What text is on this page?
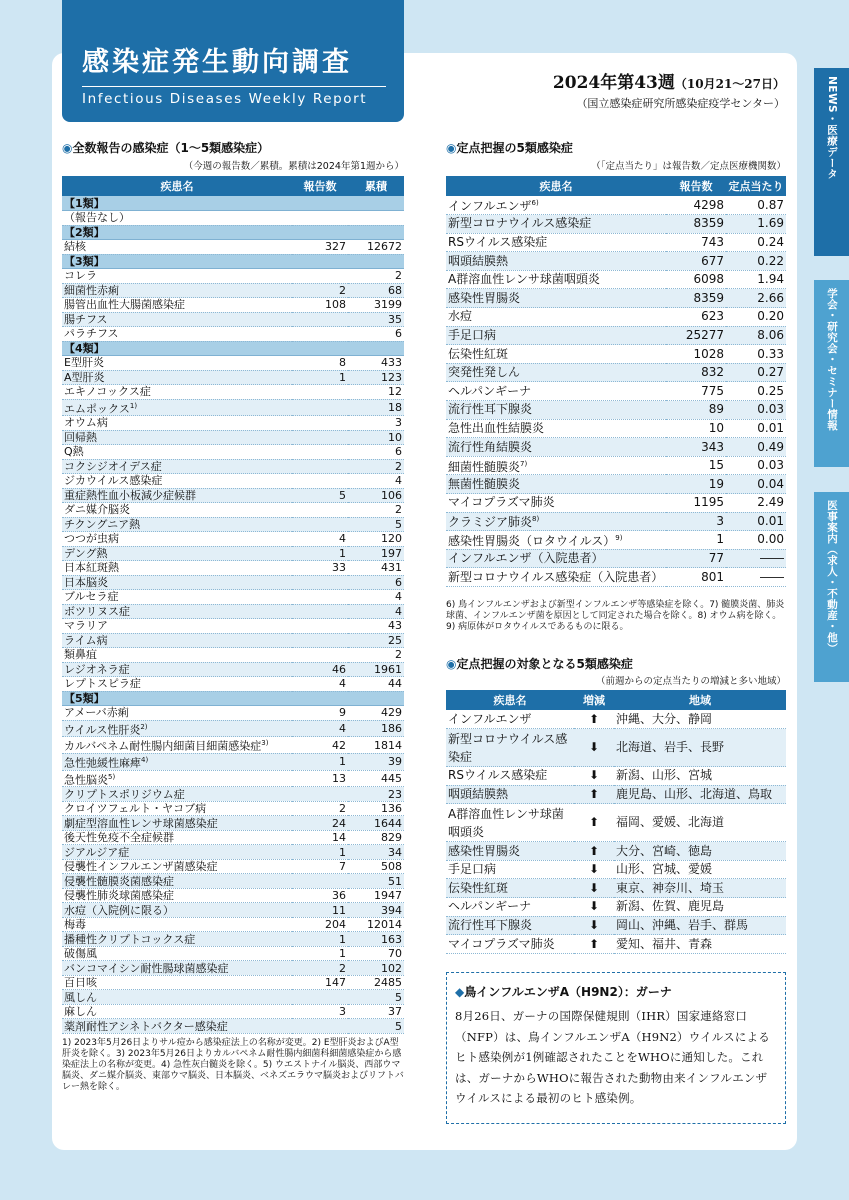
感染症発生動向調査
Infectious Diseases Weekly Report
2024年第43週（10月21～27日）
（国立感染症研究所感染症疫学センター）	NEWS・医療データ
学会・研究会・セミナー情報
医事案内（求人・不動産・他）
◉全数報告の感染症（1～5類感染症）
（今週の報告数／累積。累積は2024年第1週から）
疾患名	報告数	累積
【1類】		
（報告なし）		
【2類】		
結核	327	12672
【3類】		
コレラ		2
細菌性赤痢	2	68
腸管出血性大腸菌感染症	108	3199
腸チフス		35
パラチフス		6
【4類】		
E型肝炎	8	433
A型肝炎	1	123
エキノコックス症		12
エムポックス$^{1)}$		18
オウム病		3
回帰熱		10
Q熱		6
コクシジオイデス症		2
ジカウイルス感染症		4
重症熱性血小板減少症候群	5	106
ダニ媒介脳炎		2
チクングニア熱		5
つつが虫病	4	120
デング熱	1	197
日本紅斑熱	33	431
日本脳炎		6
ブルセラ症		4
ボツリヌス症		4
マラリア		43
ライム病		25
類鼻疽		2
レジオネラ症	46	1961
レプトスピラ症	4	44
【5類】		
アメーバ赤痢	9	429
ウイルス性肝炎$^{2)}$	4	186
カルバペネム耐性腸内細菌目細菌感染症$^{3)}$	42	1814
急性弛緩性麻痺$^{4)}$	1	39
急性脳炎$^{5)}$	13	445
クリプトスポリジウム症		23
クロイツフェルト・ヤコブ病	2	136
劇症型溶血性レンサ球菌感染症	24	1644
後天性免疫不全症候群	14	829
ジアルジア症	1	34
侵襲性インフルエンザ菌感染症	7	508
侵襲性髄膜炎菌感染症		51
侵襲性肺炎球菌感染症	36	1947
水痘（入院例に限る）	11	394
梅毒	204	12014
播種性クリプトコックス症	1	163
破傷風	1	70
バンコマイシン耐性腸球菌感染症	2	102
百日咳	147	2485
風しん		5
麻しん	3	37
薬剤耐性アシネトバクター感染症		5
1) 2023年5月26日よりサル痘から感染症法上の名称が変更。2) E型肝炎およびA型肝炎を除く。3) 2023年5月26日よりカルバペネム耐性腸内細菌科細菌感染症から感染症法上の名称が変更。4) 急性灰白髄炎を除く。5) ウエストナイル脳炎、西部ウマ脳炎、ダニ媒介脳炎、東部ウマ脳炎、日本脳炎、ベネズエラウマ脳炎およびリフトバレー熱を除く。
◉定点把握の5類感染症
（「定点当たり」は報告数／定点医療機関数）
疾患名	報告数	定点当たり
インフルエンザ$^{6)}$	4298	0.87
新型コロナウイルス感染症	8359	1.69
RSウイルス感染症	743	0.24
咽頭結膜熱	677	0.22
A群溶血性レンサ球菌咽頭炎	6098	1.94
感染性胃腸炎	8359	2.66
水痘	623	0.20
手足口病	25277	8.06
伝染性紅斑	1028	0.33
突発性発しん	832	0.27
ヘルパンギーナ	775	0.25
流行性耳下腺炎	89	0.03
急性出血性結膜炎	10	0.01
流行性角結膜炎	343	0.49
細菌性髄膜炎$^{7)}$	15	0.03
無菌性髄膜炎	19	0.04
マイコプラズマ肺炎	1195	2.49
クラミジア肺炎$^{8)}$	3	0.01
感染性胃腸炎（ロタウイルス）$^{9)}$	1	0.00
インフルエンザ（入院患者）	77	――
新型コロナウイルス感染症（入院患者）	801	――
6) 鳥インフルエンザおよび新型インフルエンザ等感染症を除く。7) 髄膜炎菌、肺炎球菌、インフルエンザ菌を原因として同定された場合を除く。8) オウム病を除く。9) 病原体がロタウイルスであるものに限る。
◉定点把握の対象となる5類感染症
（前週からの定点当たりの増減と多い地域）
疾患名	増減	地域
インフルエンザ	⬆	沖縄、大分、静岡
新型コロナウイルス感染症	⬇	北海道、岩手、長野
RSウイルス感染症	⬇	新潟、山形、宮城
咽頭結膜熱	⬆	鹿児島、山形、北海道、鳥取
A群溶血性レンサ球菌咽頭炎	⬆	福岡、愛媛、北海道
感染性胃腸炎	⬆	大分、宮崎、徳島
手足口病	⬇	山形、宮城、愛媛
伝染性紅斑	⬇	東京、神奈川、埼玉
ヘルパンギーナ	⬇	新潟、佐賀、鹿児島
流行性耳下腺炎	⬇	岡山、沖縄、岩手、群馬
マイコプラズマ肺炎	⬆	愛知、福井、青森
◆鳥インフルエンザA（H9N2）：ガーナ
8月26日、ガーナの国際保健規則（IHR）国家連絡窓口（NFP）は、鳥インフルエンザA（H9N2）ウイルスによるヒト感染例が1例確認されたことをWHOに通知した。これは、ガーナからWHOに報告された動物由来インフルエンザウイルスによる最初のヒト感染例。
